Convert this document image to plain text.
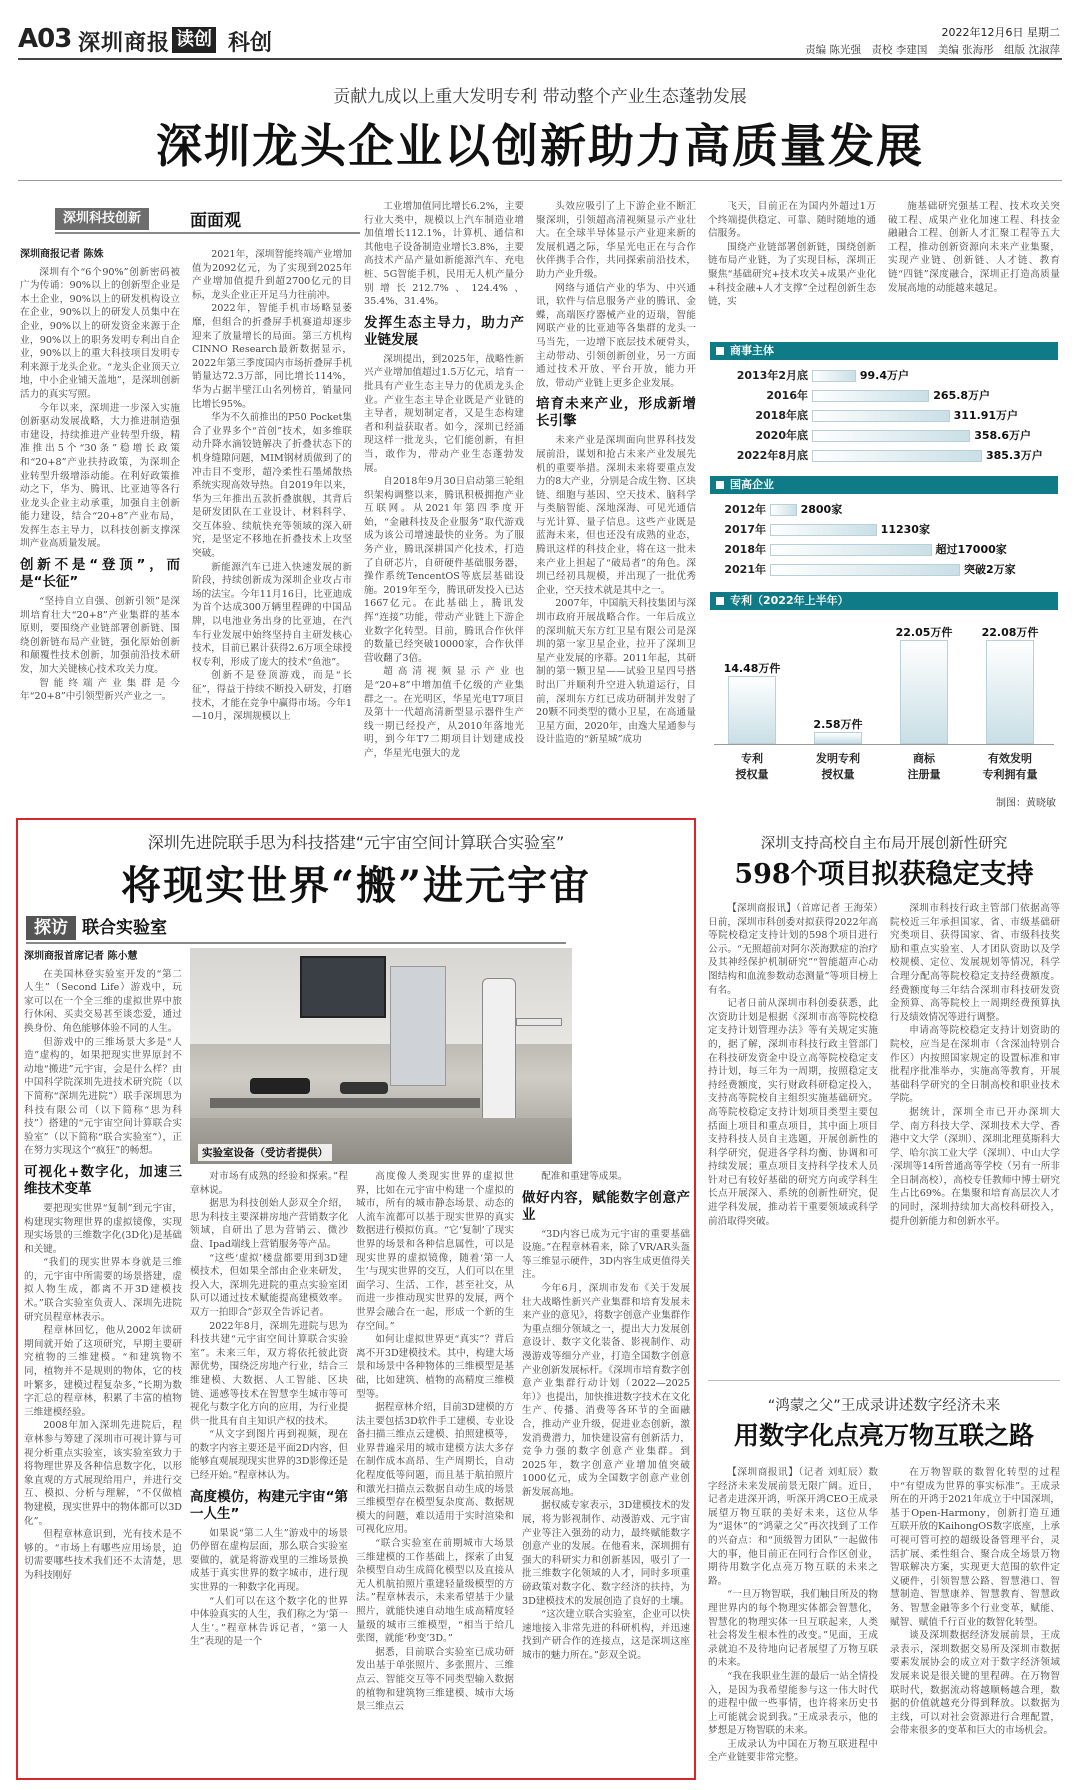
A03 深圳商报 读创 科创	2022年12月6日 星期二
责编 陈光强　责校 李建国　美编 张海彤　组版 沈淑萍
贡献九成以上重大发明专利 带动整个产业生态蓬勃发展
深圳龙头企业以创新助力高质量发展
深圳科技创新	面面观
深圳商报记者 陈姝

深圳有个“6个90%”创新密码被广为传诵：90%以上的创新型企业是本土企业，90%以上的研发机构设立在企业，90%以上的研发人员集中在企业，90%以上的研发资金来源于企业，90%以上的职务发明专利出自企业，90%以上的重大科技项目发明专利来源于龙头企业。“龙头企业顶天立地，中小企业铺天盖地”，是深圳创新活力的真实写照。

今年以来，深圳进一步深入实施创新驱动发展战略，大力推进制造强市建设，持续推进产业转型升级，精准推出5个“30条”稳增长政策和“20+8”产业扶持政策，为深圳企业转型升级增添动能。在利好政策推动之下，华为、腾讯、比亚迪等各行业龙头企业主动承重，加强自主创新能力建设，结合“20+8”产业布局，发挥生态主导力，以科技创新支撑深圳产业高质量发展。

创新不是“登顶”，而是“长征”

“坚持自立自强、创新引领”是深圳培育壮大“20+8”产业集群的基本原则，要围绕产业链部署创新链、围绕创新链布局产业链，强化原始创新和颠覆性技术创新，加强前沿技术研发，加大关键核心技术攻关力度。

智能终端产业集群是今年“20+8”中引领型新兴产业之一。

2021年，深圳智能终端产业增加值为2092亿元，为了实现到2025年产业增加值提升到超2700亿元的目标，龙头企业正开足马力往前冲。

2022年，智能手机市场略显萎靡，但组合的折叠屏手机赛道却逐步迎来了放量增长的局面。第三方机构CINNO Research最新数据显示，2022年第三季度国内市场折叠屏手机销量达72.3万部，同比增长114%，华为占据半壁江山名列榜首，销量同比增长95%。

华为不久前推出的P50 Pocket集合了业界多个“首创”技术，如多维联动升降水滴铰链解决了折叠状态下的机身缝隙问题，MIM钢材质做到了的冲击目不变形，超冷柔性石墨烯散热系统实现高效导热。自2019年以来，华为三年推出五款折叠旗舰，其背后是研发团队在工业设计、材料科学、交互体验、续航快充等领域的深入研究，是坚定不移地在折叠技术上攻坚突破。

新能源汽车已进入快速发展的新阶段，持续创新成为深圳企业攻占市场的法宝。今年11月16日，比亚迪成为首个达成300万辆里程碑的中国品牌，以电池业务出身的比亚迪，在汽车行业发展中始终坚持自主研发核心技术，目前已累计获得2.6万项全球授权专利，形成了庞大的技术“鱼池”。

创新不是登顶游戏，而是“长征”，得益于持续不断投入研发，打磨技术，才能在竞争中赢得市场。今年1—10月，深圳规模以上

工业增加值同比增长6.2%，主要行业大类中，规模以上汽车制造业增加值增长112.1%，计算机、通信和其他电子设备制造业增长3.8%，主要高技术产品产量如新能源汽车、充电桩、5G智能手机，民用无人机产量分别增长212.7%、124.4%、35.4%、31.4%。

发挥生态主导力，助力产业链发展

深圳提出，到2025年，战略性新兴产业增加值超过1.5万亿元，培育一批具有产业生态主导力的优质龙头企业。产业生态主导企业既是产业链的主导者，规划制定者，又是生态构建者和利益获取者。如今，深圳已经涌现这样一批龙头，它们能创新，有担当，敢作为，带动产业生态蓬勃发展。

自2018年9月30日启动第三轮组织架构调整以来，腾讯积极拥抱产业互联网。从2021年第四季度开始，“金融科技及企业服务”取代游戏成为该公司增速最快的业务。为了服务产业，腾讯深耕国产化技术，打造了自研芯片，自研硬件基础服务器，操作系统TencentOS等底层基础设施。2019年至今，腾讯研发投入已达1667亿元。在此基础上，腾讯发挥“连接”功能，带动产业链上下游企业数字化转型。目前，腾讯合作伙伴的数量已经突破10000家，合作伙伴营收翻了3倍。

超高清视频显示产业也是“20+8”中增加值千亿级的产业集群之一。在光明区，华星光电T7项目及第十一代超高清新型显示器件生产线一期已经投产，从2010年落地光明，到今年T7二期项目计划建成投产，华星光电强大的龙

头效应吸引了上下游企业不断汇聚深圳，引领超高清视频显示产业壮大。在全球半导体显示产业迎来新的发展机遇之际，华星光电正在与合作伙伴携手合作，共同探索前沿技术，助力产业升级。

网络与通信产业的华为、中兴通讯，软件与信息服务产业的腾讯、金蝶，高端医疗器械产业的迈瑞，智能网联产业的比亚迪等各集群的龙头一马当先，一边增下底层技术硬骨头，主动带动、引领创新创业，另一方面通过技术开放、平台开放，能力开放，带动产业链上更多企业发展。

培育未来产业，形成新增长引擎

未来产业是深圳面向世界科技发展前沿，谋划和抢占未来产业发展先机的重要举措。深圳未来将要重点发力的8大产业，分别是合成生物、区块链、细胞与基因、空天技术、脑科学与类脑智能、深地深海、可见光通信与光计算、量子信息。这些产业既是蓝海未来，但也还没有成熟的业态，腾讯这样的科技企业，将在这一批未来产业上担起了“破局者”的角色。深圳已经初具规模，并出现了一批优秀企业，空天技术就是其中之一。

2007年，中国航天科技集团与深圳市政府开展战略合作。一年后成立的深圳航天东方红卫星有限公司是深圳的第一家卫星企业，拉开了深圳卫星产业发展的序幕。2011年起，其研制的第一颗卫星——试验卫星四号搭时出厂并顺利升空进入轨道运行，目前，深圳东方红已成功研制并发射了20颗不同类型的微小卫星，在高通量卫星方面，2020年，由逸大星通参与设计监造的“新星城”成功

飞天，目前正在为国内外超过1万个终端提供稳定、可靠、随时随地的通信服务。

围绕产业链部署创新链，围绕创新链布局产业链，为了实现目标，深圳正聚焦“基础研究+技术攻关+成果产业化+科技金融+人才支撑”全过程创新生态链，实

施基础研究强基工程、技术攻关突破工程、成果产业化加速工程、科技金融融合工程、创新人才汇聚工程等五大工程，推动创新资源向未来产业集聚，实现产业链、创新链、人才链、教育链“四链”深度融合，深圳正打造高质量发展高地的动能越来越足。

商事主体
2013年2月底	99.4万户
2016年	265.8万户
2018年底	311.91万户
2020年底	358.6万户
2022年8月底	385.3万户
国高企业
2012年	2800家
2017年	11230家
2018年	超过17000家
2021年	突破2万家
专利（2022年上半年）
14.48万件
专利
授权量
2.58万件
发明专利
授权量
22.05万件
商标
注册量
22.08万件
有效发明
专利拥有量
制图：黄晓敏
深圳先进院联手思为科技搭建“元宇宙空间计算联合实验室”
将现实世界“搬”进元宇宙
探访 联合实验室
实验室设备（受访者提供）
深圳商报首席记者 陈小慧

在美国林登实验室开发的“第二人生”（Second Life）游戏中，玩家可以在一个全三维的虚拟世界中旅行休闲、买卖交易甚至谈恋爱，通过换身份、角色能够体验不同的人生。

但游戏中的三维场景大多是“人造”虚构的，如果把现实世界原封不动地“搬进”元宇宙，会是什么样？由中国科学院深圳先进技术研究院（以下简称“深圳先进院”）联手深圳思为科技有限公司（以下简称“思为科技”）搭建的“元宇宙空间计算联合实验室”（以下简称“联合实验室”），正在努力实现这个“疯狂”的畅想。

可视化+数字化，加速三维技术变革

要把现实世界“复制”到元宇宙，构建现实物理世界的虚拟镜像，实现现实场景的三维数字化(3D化)是基础和关键。

“我们的现实世界本身就是三维的，元宇宙中所需要的场景搭建，虚拟人物生成，都离不开3D建模技术。”联合实验室负责人、深圳先进院研究员程章林表示。

程章林回忆，他从2002年读研期间就开始了这项研究，早期主要研究植物的三维建模。“和建筑物不同，植物并不是规则的物体，它的枝叶繁多，建模过程复杂多，”长期为数字汇总的程章林，积累了丰富的植物三维建模经验。

2008年加入深圳先进院后，程章林参与筹建了深圳市可视计算与可视分析重点实验室，该实验室致力于将物理世界及各种信息数字化，以形象直观的方式展现给用户，并进行交互、模拟、分析与理解，“不仅做植物建模，现实世界中的物体都可以3D化”。

但程章林意识到，光有技术是不够的。“市场上有哪些应用场景，迫切需要哪些技术我们还不太清楚，思为科技刚好

对市场有成熟的经验和探索。”程章林说。

据思为科技创始人彭双全介绍，思为科技主要深耕房地产营销数字化领域，自研出了思为营销云、微沙盘、Ipad端线上营销服务等产品。

“这些‘虚拟’楼盘都要用到3D建模技术，但如果全部由企业来研发，投入大，深圳先进院的重点实验室团队可以通过技术赋能提高建模效率。双方一拍即合”彭双全告诉记者。

2022年8月，深圳先进院与思为科技共建“元宇宙空间计算联合实验室”。未来三年，双方将依托彼此资源优势，围绕泛房地产行业，结合三维建模、大数据、人工智能、区块链、遥感等技术在智慧孪生城市等可视化与数字化方向的应用，为行业提供一批具有自主知识产权的技术。

“从文字到图片再到视频，现在的数字内容主要还是平面2D内容，但能够直观展现现实世界的3D影像还是已经开始。”程章林认为。

高度模仿，构建元宇宙“第一人生”

如果说“第二人生”游戏中的场景仍停留在虚构层面，那么联合实验室要做的，就是将游戏里的三维场景换成基于真实世界的数字城市，进行现实世界的一种数字化再现。

“人们可以在这个数字化的世界中体验真实的人生，我们称之为‘第一人生’。”程章林告诉记者，“第一人生”表现的是一个

高度像人类现实世界的虚拟世界，比如在元宇宙中构建一个虚拟的城市，所有的城市静态场景、动态的人流车流都可以基于现实世界的真实数据进行模拟仿真。“它‘复制’了现实世界的场景和各种信息属性，可以是现实世界的虚拟镜像，随着‘第一人生’与现实世界的交互，人们可以在里面学习、生活、工作，甚至社交，从而进一步推动现实世界的发展，两个世界会融合在一起，形成一个新的生存空间。”

如何让虚拟世界更“真实”？背后离不开3D建模技术。其中，构建大场景和场景中各种物体的三维模型是基础，比如建筑、植物的高精度三维模型等。

据程章林介绍，目前3D建模的方法主要包括3D软件手工建模、专业设备扫描三维点云建模、拍照建模等，业界普遍采用的城市建模方法大多存在制作成本高昂、生产周期长，自动化程度低等问题，而且基于航拍照片和激光扫描点云数据自动生成的场景三维模型存在模型复杂度高、数据规模大的问题，难以适用于实时渲染和可视化应用。

“联合实验室在前期城市大场景三维建模的工作基础上，探索了由复杂模型自动生成简化模型以及直接从无人机航拍照片重建轻量级模型的方法。”程章林表示，未来希望基于少量照片，就能快速自动地生成高精度轻量级的城市三维模型，“相当于给几张图，就能‘秒变’3D。”

据悉，目前联合实验室已成功研发出基于单张照片、多张照片、三维点云、智能交互等不同类型输入数据的植物和建筑物三维建模、城市大场景三维点云

配准和重建等成果。

做好内容，赋能数字创意产业

“3D内容已成为元宇宙的重要基础设施。”在程章林看来，除了VR/AR头盔等三维显示硬件，3D内容生成更值得关注。

今年6月，深圳市发布《关于发展壮大战略性新兴产业集群和培育发展未来产业的意见》，将数字创意产业集群作为重点细分领域之一，提出大力发展创意设计、数字文化装备、影视制作、动漫游戏等细分产业，打造全国数字创意产业创新发展标杆。《深圳市培育数字创意产业集群行动计划（2022—2025年）》也提出，加快推进数字技术在文化生产、传播、消费等各环节的全面融合，推动产业升级，促进业态创新，激发消费潜力，加快建设富有创新活力，竞争力强的数字创意产业集群。到2025年，数字创意产业增加值突破1000亿元，成为全国数字创意产业创新发展高地。

据权威专家表示，3D建模技术的发展，将为影视制作、动漫游戏、元宇宙产业等注入强劲的动力，最终赋能数字创意产业的发展。在他看来，深圳拥有强大的科研实力和创新基因，吸引了一批三维数字化领域的人才，同时多项重磅政策对数字化、数字经济的扶持，为3D建模技术的发展创造了良好的土壤。

“这次建立联合实验室，企业可以快速地接入非常先进的科研机构，并迅速找到产研合作的连接点，这是深圳这座城市的魅力所在。”彭双全说。

深圳支持高校自主布局开展创新性研究
598个项目拟获稳定支持

【深圳商报讯】（首席记者 王海荣）日前，深圳市科创委对拟获得2022年高等院校稳定支持计划的598个项目进行公示。“无照超前对阿尔茨海默症的治疗及其神经保护机制研究”“智能超声心动图结构和血流参数动态测量”等项目榜上有名。

记者日前从深圳市科创委获悉，此次资助计划是根据《深圳市高等院校稳定支持计划管理办法》等有关规定实施的，据了解，深圳市科技行政主管部门在科技研发资金中设立高等院校稳定支持计划，每三年为一周期，按照稳定支持经费额度，实行财政科研稳定投入，支持高等院校自主组织实施基础研究。高等院校稳定支持计划项目类型主要包括面上项目和重点项目，其中面上项目支持科技人员自主选题，开展创新性的科学研究，促进各学科均衡、协调和可持续发展；重点项目支持科学技术人员针对已有较好基础的研究方向或学科生长点开展深入、系统的创新性研究，促进学科发展，推动若干重要领域或科学前沿取得突破。

深圳市科技行政主管部门依据高等院校近三年承担国家、省、市级基础研究类项目、获得国家、省、市级科技奖励和重点实验室、人才团队资助以及学校规模、定位、发展规划等情况，科学合理分配高等院校稳定支持经费额度。经费额度每三年结合深圳市科技研发资金预算、高等院校上一周期经费预算执行及绩效情况等进行调整。

申请高等院校稳定支持计划资助的院校，应当是在深圳市（含深汕特别合作区）内按照国家规定的设置标准和审批程序批准举办，实施高等教育，开展基础科学研究的全日制高校和职业技术学院。

据统计，深圳全市已开办深圳大学、南方科技大学、深圳技术大学、香港中文大学（深圳）、深圳北理莫斯科大学、哈尔滨工业大学（深圳）、中山大学·深圳等14所普通高等学校（另有一所非全日制高校），高校专任教师中博士研究生占比69%。在集聚和培育高层次人才的同时，深圳持续加大高校科研投入，提升创新能力和创新水平。

“鸿蒙之父”王成录讲述数字经济未来
用数字化点亮万物互联之路

【深圳商报讯】（记者 刘虹辰）数字经济未来发展前景无限广阔。近日，记者走进深开鸿，听深开鸿CEO王成录展望万物互联的美好未来，这位从华为“退休”的“鸿蒙之父”再次找到了工作的兴奋点：和“顶级智力团队”一起做伟大的事，他目前正在同行合作区创业，期待用数字化点亮万物互联的未来之路。

“一旦万物智联，我们触目所及的物理世界内的每个物理实体都会智慧化，智慧化的物理实体一旦互联起来，人类社会将发生根本性的改变。”见面，王成录就迫不及待地向记者展望了万物互联的未来。

“我在我职业生涯的最后一站全情投入，是因为我希望能参与这一伟大时代的进程中做一些事情，也许将来历史书上可能就会说到我。”王成录表示，他的梦想是万物智联的未来。

王成录认为中国在万物互联进程中全产业链要非常完整。

在万物智联的数智化转型的过程中“有望成为世界的事实标准”。王成录所在的开鸿于2021年成立于中国深圳，基于Open-Harmony，创新打造互通互联开放的KaihongOS数字底座，上承可视可管可控的超级设备管理平台，灵活扩展、柔性组合、聚合成全场景万物智联解决方案，实现更大范围的软件定义硬件，引领智慧公路、智慧港口、智慧制造、智慧康养、智慧教育、智慧政务、智慧金融等多个行业变革，赋能、赋智、赋值千行百业的数智化转型。

谈及深圳数据经济发展前景，王成录表示，深圳数据交易所及深圳市数据要素发展协会的成立对于数字经济领域发展来说是很关键的里程碑。在万物智联时代，数据流动将越顺畅越合理，数据的价值就越充分得到释放。以数据为主线，可以对社会资源进行合理配置，会带来很多的变革和巨大的市场机会。
